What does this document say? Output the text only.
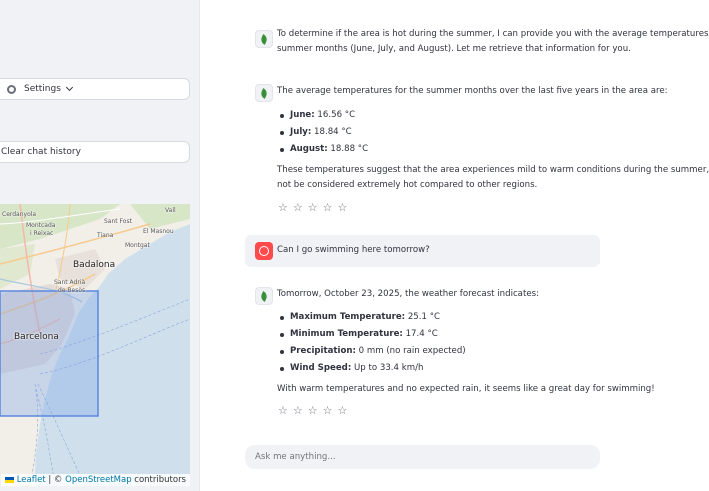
Settings
Clear chat history
Cerdanyola
Vall
Montcada
i Reixac
Sant Fost
Tiana
El Masnou
Montgat
Badalona
Sant Adrià
de Besòs
Barcelona
Leaflet | © OpenStreetMap contributors
To determine if the area is hot during the summer, I can provide you with the average temperatures
summer months (June, July, and August). Let me retrieve that information for you.
The average temperatures for the summer months over the last five years in the area are:
June: 16.56 °C
July: 18.84 °C
August: 18.88 °C
These temperatures suggest that the area experiences mild to warm conditions during the summer,
not be considered extremely hot compared to other regions.
☆ ☆ ☆ ☆ ☆
Can I go swimming here tomorrow?
Tomorrow, October 23, 2025, the weather forecast indicates:
Maximum Temperature: 25.1 °C
Minimum Temperature: 17.4 °C
Precipitation: 0 mm (no rain expected)
Wind Speed: Up to 33.4 km/h
With warm temperatures and no expected rain, it seems like a great day for swimming!
☆ ☆ ☆ ☆ ☆
Ask me anything...
